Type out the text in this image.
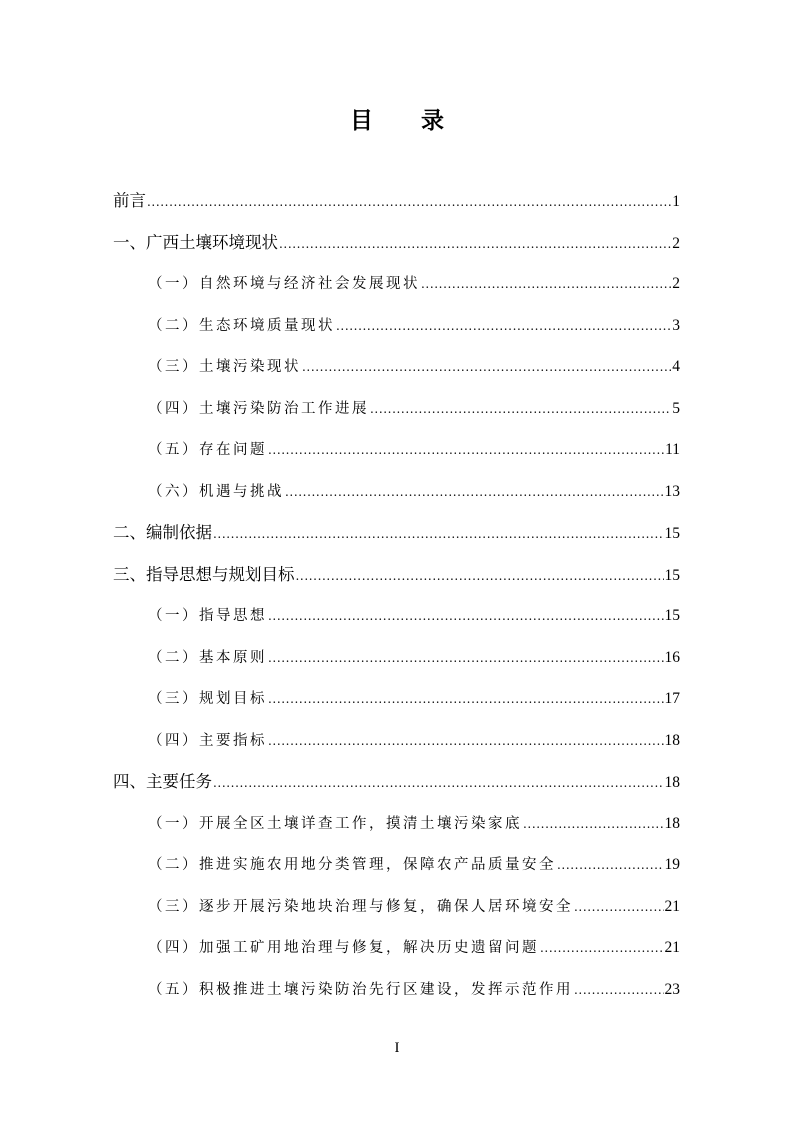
目 录
前言 .....	1
一、广西土壤环境现状 .....	2
（一）自然环境与经济社会发展现状 .....	2
（二）生态环境质量现状 .....	3
（三）土壤污染现状 .....	4
（四）土壤污染防治工作进展 .....	5
（五）存在问题 .....	11
（六）机遇与挑战 .....	13
二、编制依据 .....	15
三、指导思想与规划目标 .....	15
（一）指导思想 .....	15
（二）基本原则 .....	16
（三）规划目标 .....	17
（四）主要指标 .....	18
四、主要任务 .....	18
（一）开展全区土壤详查工作，摸清土壤污染家底 .....	18
（二）推进实施农用地分类管理，保障农产品质量安全 .....	19
（三）逐步开展污染地块治理与修复，确保人居环境安全 .....	21
（四）加强工矿用地治理与修复，解决历史遗留问题 .....	21
（五）积极推进土壤污染防治先行区建设，发挥示范作用 .....	23
I
